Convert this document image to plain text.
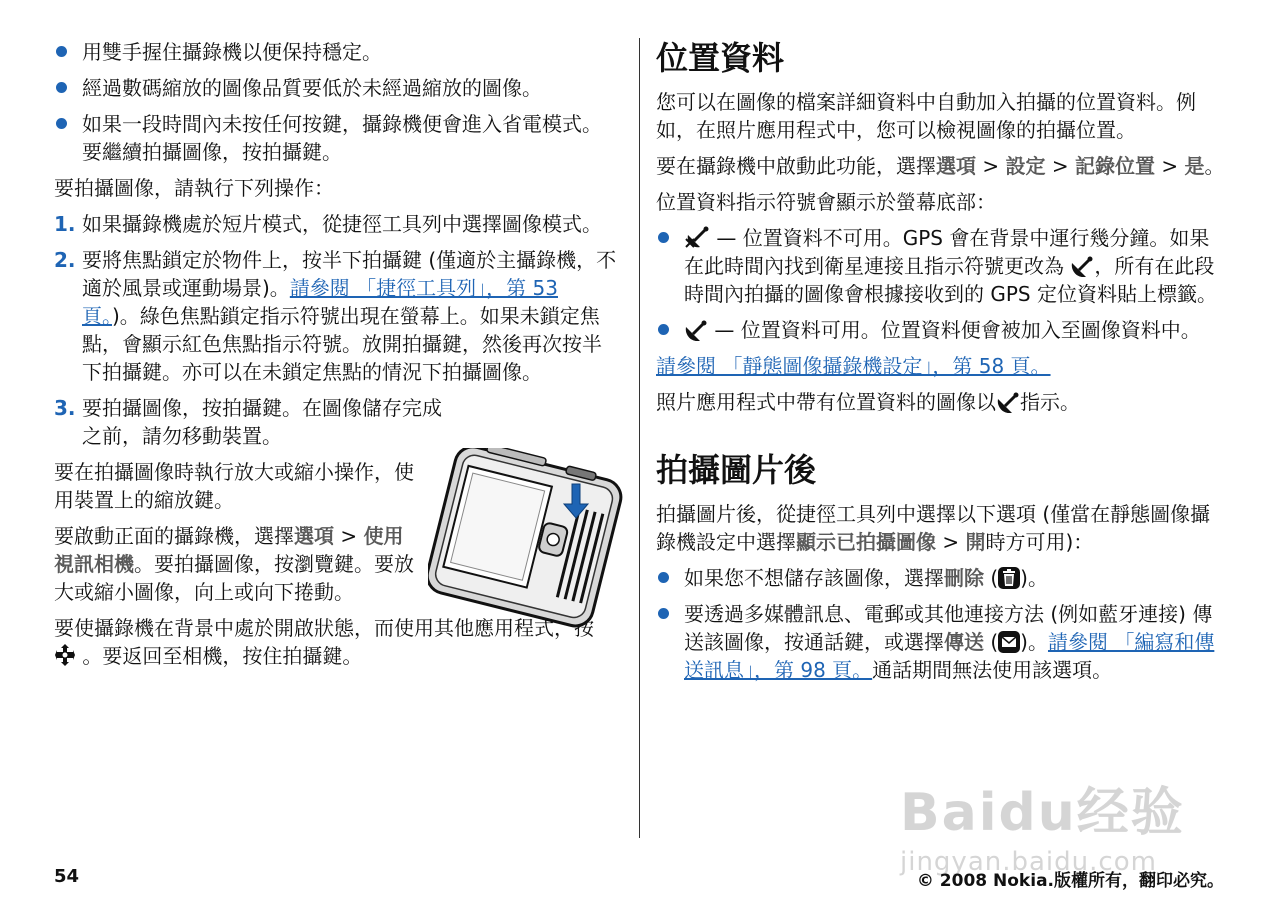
用雙手握住攝錄機以便保持穩定。
經過數碼縮放的圖像品質要低於未經過縮放的圖像。
如果一段時間內未按任何按鍵，攝錄機便會進入省電模式。要繼續拍攝圖像，按拍攝鍵。

要拍攝圖像，請執行下列操作：

1. 如果攝錄機處於短片模式，從捷徑工具列中選擇圖像模式。
2. 要將焦點鎖定於物件上，按半下拍攝鍵 (僅適於主攝錄機，不適於風景或運動場景)。請參閱 「捷徑工具列」，第 53 頁。)。綠色焦點鎖定指示符號出現在螢幕上。如果未鎖定焦點，會顯示紅色焦點指示符號。放開拍攝鍵，然後再次按半下拍攝鍵。亦可以在未鎖定焦點的情況下拍攝圖像。
3. 要拍攝圖像，按拍攝鍵。在圖像儲存完成之前，請勿移動裝置。

要在拍攝圖像時執行放大或縮小操作，使用裝置上的縮放鍵。

要啟動正面的攝錄機，選擇選項 > 使用視訊相機。要拍攝圖像，按瀏覽鍵。要放大或縮小圖像，向上或向下捲動。

要使攝錄機在背景中處於開啟狀態，而使用其他應用程式，按  。要返回至相機，按住拍攝鍵。

位置資料

您可以在圖像的檔案詳細資料中自動加入拍攝的位置資料。例如，在照片應用程式中，您可以檢視圖像的拍攝位置。

要在攝錄機中啟動此功能，選擇選項 > 設定 > 記錄位置 > 是。

位置資料指示符號會顯示於螢幕底部：

— 位置資料不可用。GPS 會在背景中運行幾分鐘。如果在此時間內找到衛星連接且指示符號更改為 ，所有在此段時間內拍攝的圖像會根據接收到的 GPS 定位資料貼上標籤。
— 位置資料可用。位置資料便會被加入至圖像資料中。

請參閱 「靜態圖像攝錄機設定」，第 58 頁。

照片應用程式中帶有位置資料的圖像以 指示。

拍攝圖片後

拍攝圖片後，從捷徑工具列中選擇以下選項 (僅當在靜態圖像攝錄機設定中選擇顯示已拍攝圖像 > 開時方可用)：

如果您不想儲存該圖像，選擇刪除 ( )。
要透過多媒體訊息、電郵或其他連接方法 (例如藍牙連接) 傳送該圖像，按通話鍵，或選擇傳送 ( )。請參閱 「編寫和傳送訊息」，第 98 頁。通話期間無法使用該選項。
Baidu经验
jingyan.baidu.com
54	© 2008 Nokia.版權所有，翻印必究。
